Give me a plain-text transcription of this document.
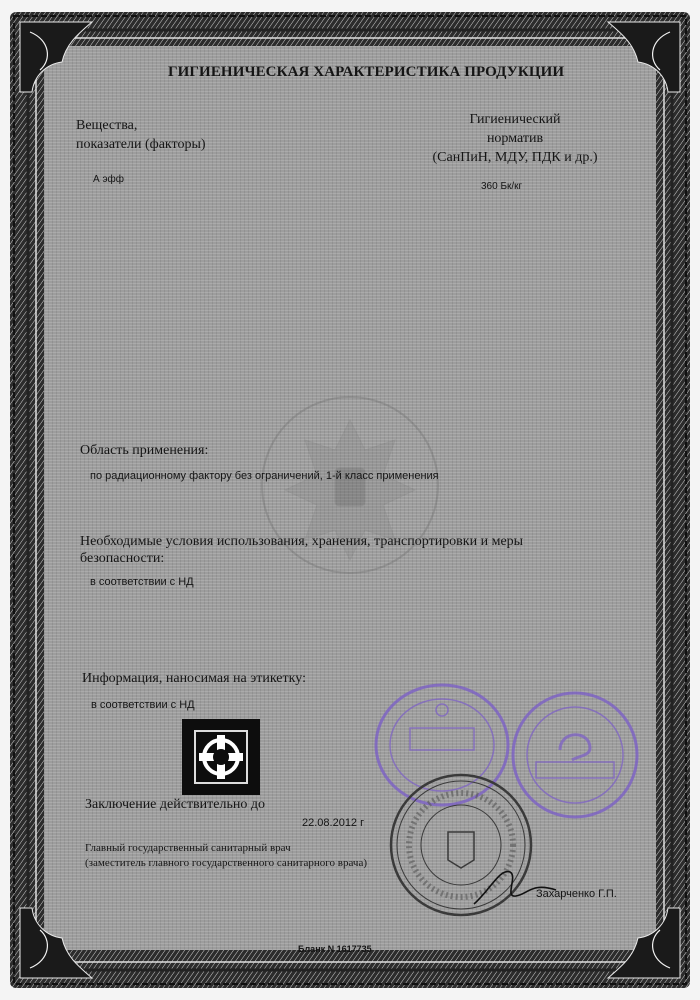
ГИГИЕНИЧЕСКАЯ ХАРАКТЕРИСТИКА ПРОДУКЦИИ
Вещества,
показатели (факторы)
Гигиенический
норматив
(СанПиН, МДУ, ПДК и др.)
А эфф
360 Бк/кг
Область применения:
по радиационному фактору без ограничений, 1-й класс применения
Необходимые условия использования, хранения, транспортировки и меры
безопасности:
в соответствии с НД
Информация, наносимая на этикетку:
в соответствии с НД
Заключение действительно до
22.08.2012 г
Главный государственный санитарный врач
(заместитель главного государственного санитарного врача)
Захарченко Г.П.
Бланк N 1617735
